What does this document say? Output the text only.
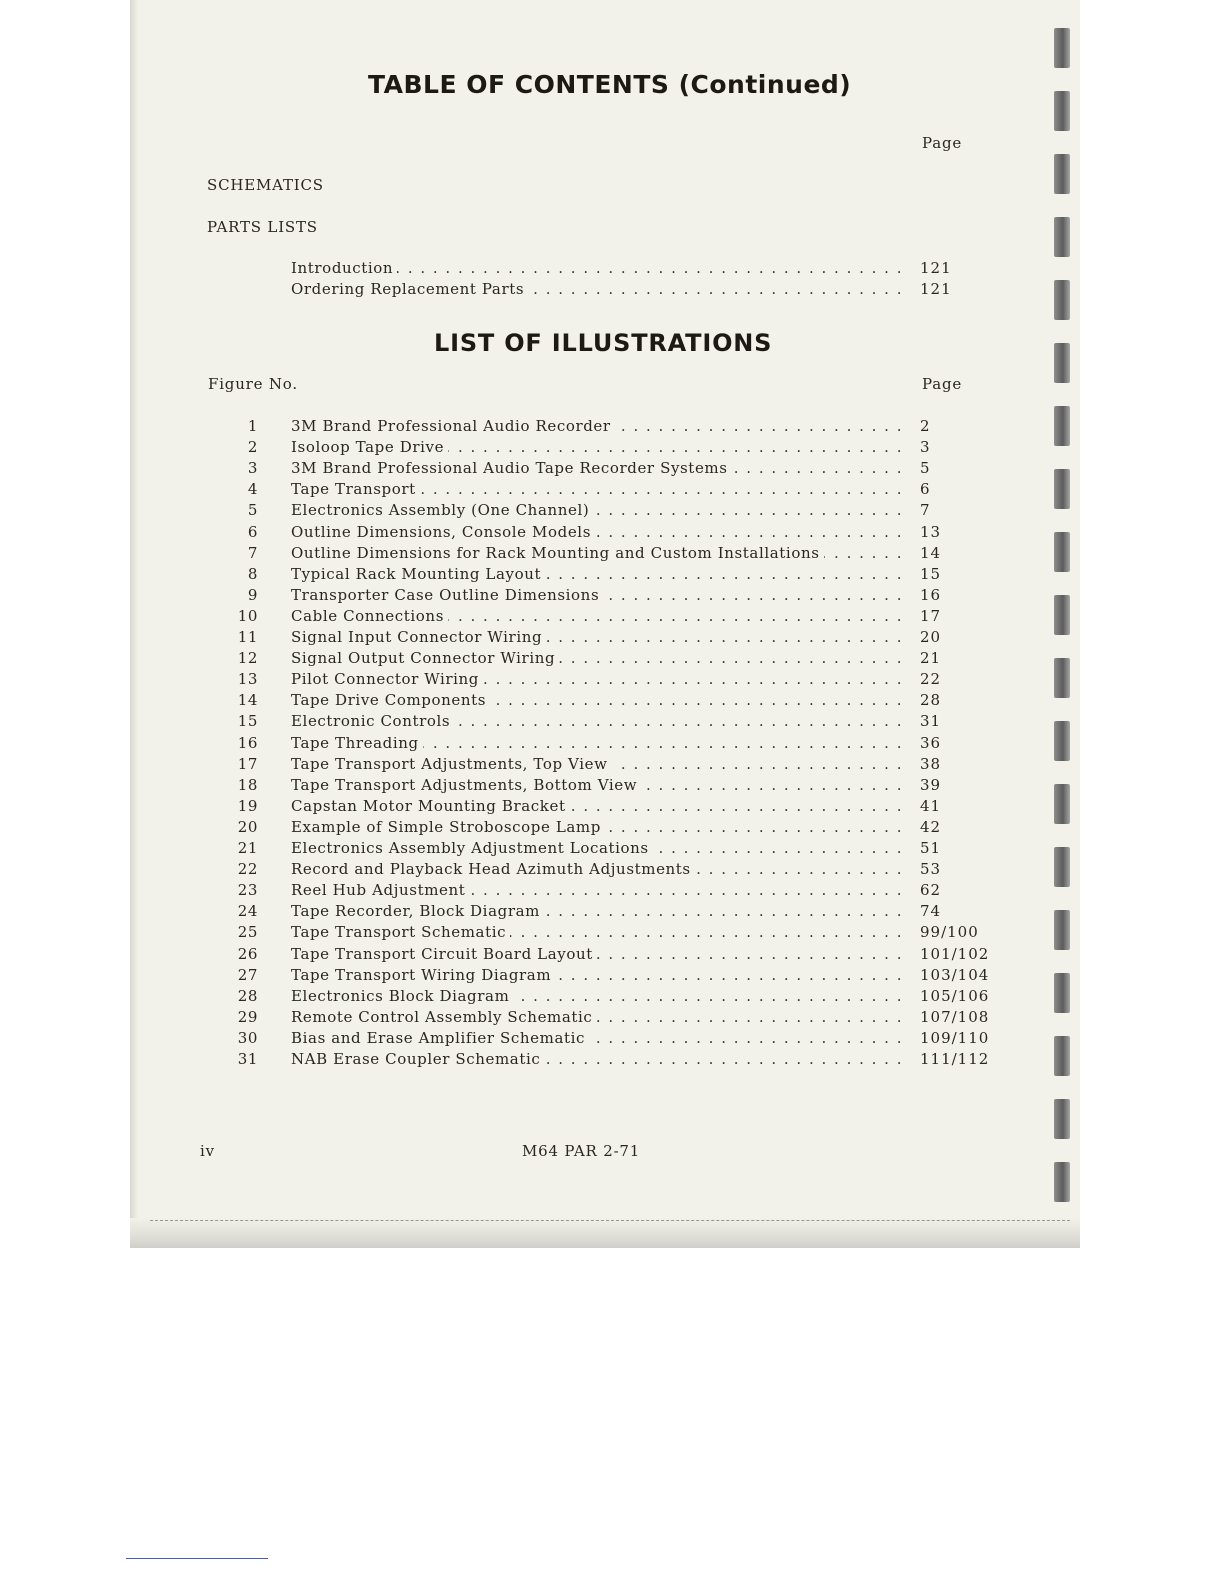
TABLE OF CONTENTS (Continued)
Page
SCHEMATICS
PARTS LISTS
Introduction . . .	121
Ordering Replacement Parts . . .	121
LIST OF ILLUSTRATIONS
Figure No.	Page
1 3M Brand Professional Audio Recorder . . .	2
2 Isoloop Tape Drive . . .	3
3 3M Brand Professional Audio Tape Recorder Systems . . .	5
4 Tape Transport . . .	6
5 Electronics Assembly (One Channel) . . .	7
6 Outline Dimensions, Console Models . . .	13
7 Outline Dimensions for Rack Mounting and Custom Installations . . .	14
8 Typical Rack Mounting Layout . . .	15
9 Transporter Case Outline Dimensions . . .	16
10 Cable Connections . . .	17
11 Signal Input Connector Wiring . . .	20
12 Signal Output Connector Wiring . . .	21
13 Pilot Connector Wiring . . .	22
14 Tape Drive Components . . .	28
15 Electronic Controls . . .	31
16 Tape Threading . . .	36
17 Tape Transport Adjustments, Top View . . .	38
18 Tape Transport Adjustments, Bottom View . . .	39
19 Capstan Motor Mounting Bracket . . .	41
20 Example of Simple Stroboscope Lamp . . .	42
21 Electronics Assembly Adjustment Locations . . .	51
22 Record and Playback Head Azimuth Adjustments . . .	53
23 Reel Hub Adjustment . . .	62
24 Tape Recorder, Block Diagram . . .	74
25 Tape Transport Schematic . . .	99/100
26 Tape Transport Circuit Board Layout . . .	101/102
27 Tape Transport Wiring Diagram . . .	103/104
28 Electronics Block Diagram . . .	105/106
29 Remote Control Assembly Schematic . . .	107/108
30 Bias and Erase Amplifier Schematic . . .	109/110
31 NAB Erase Coupler Schematic . . .	111/112
iv	M64 PAR 2-71
